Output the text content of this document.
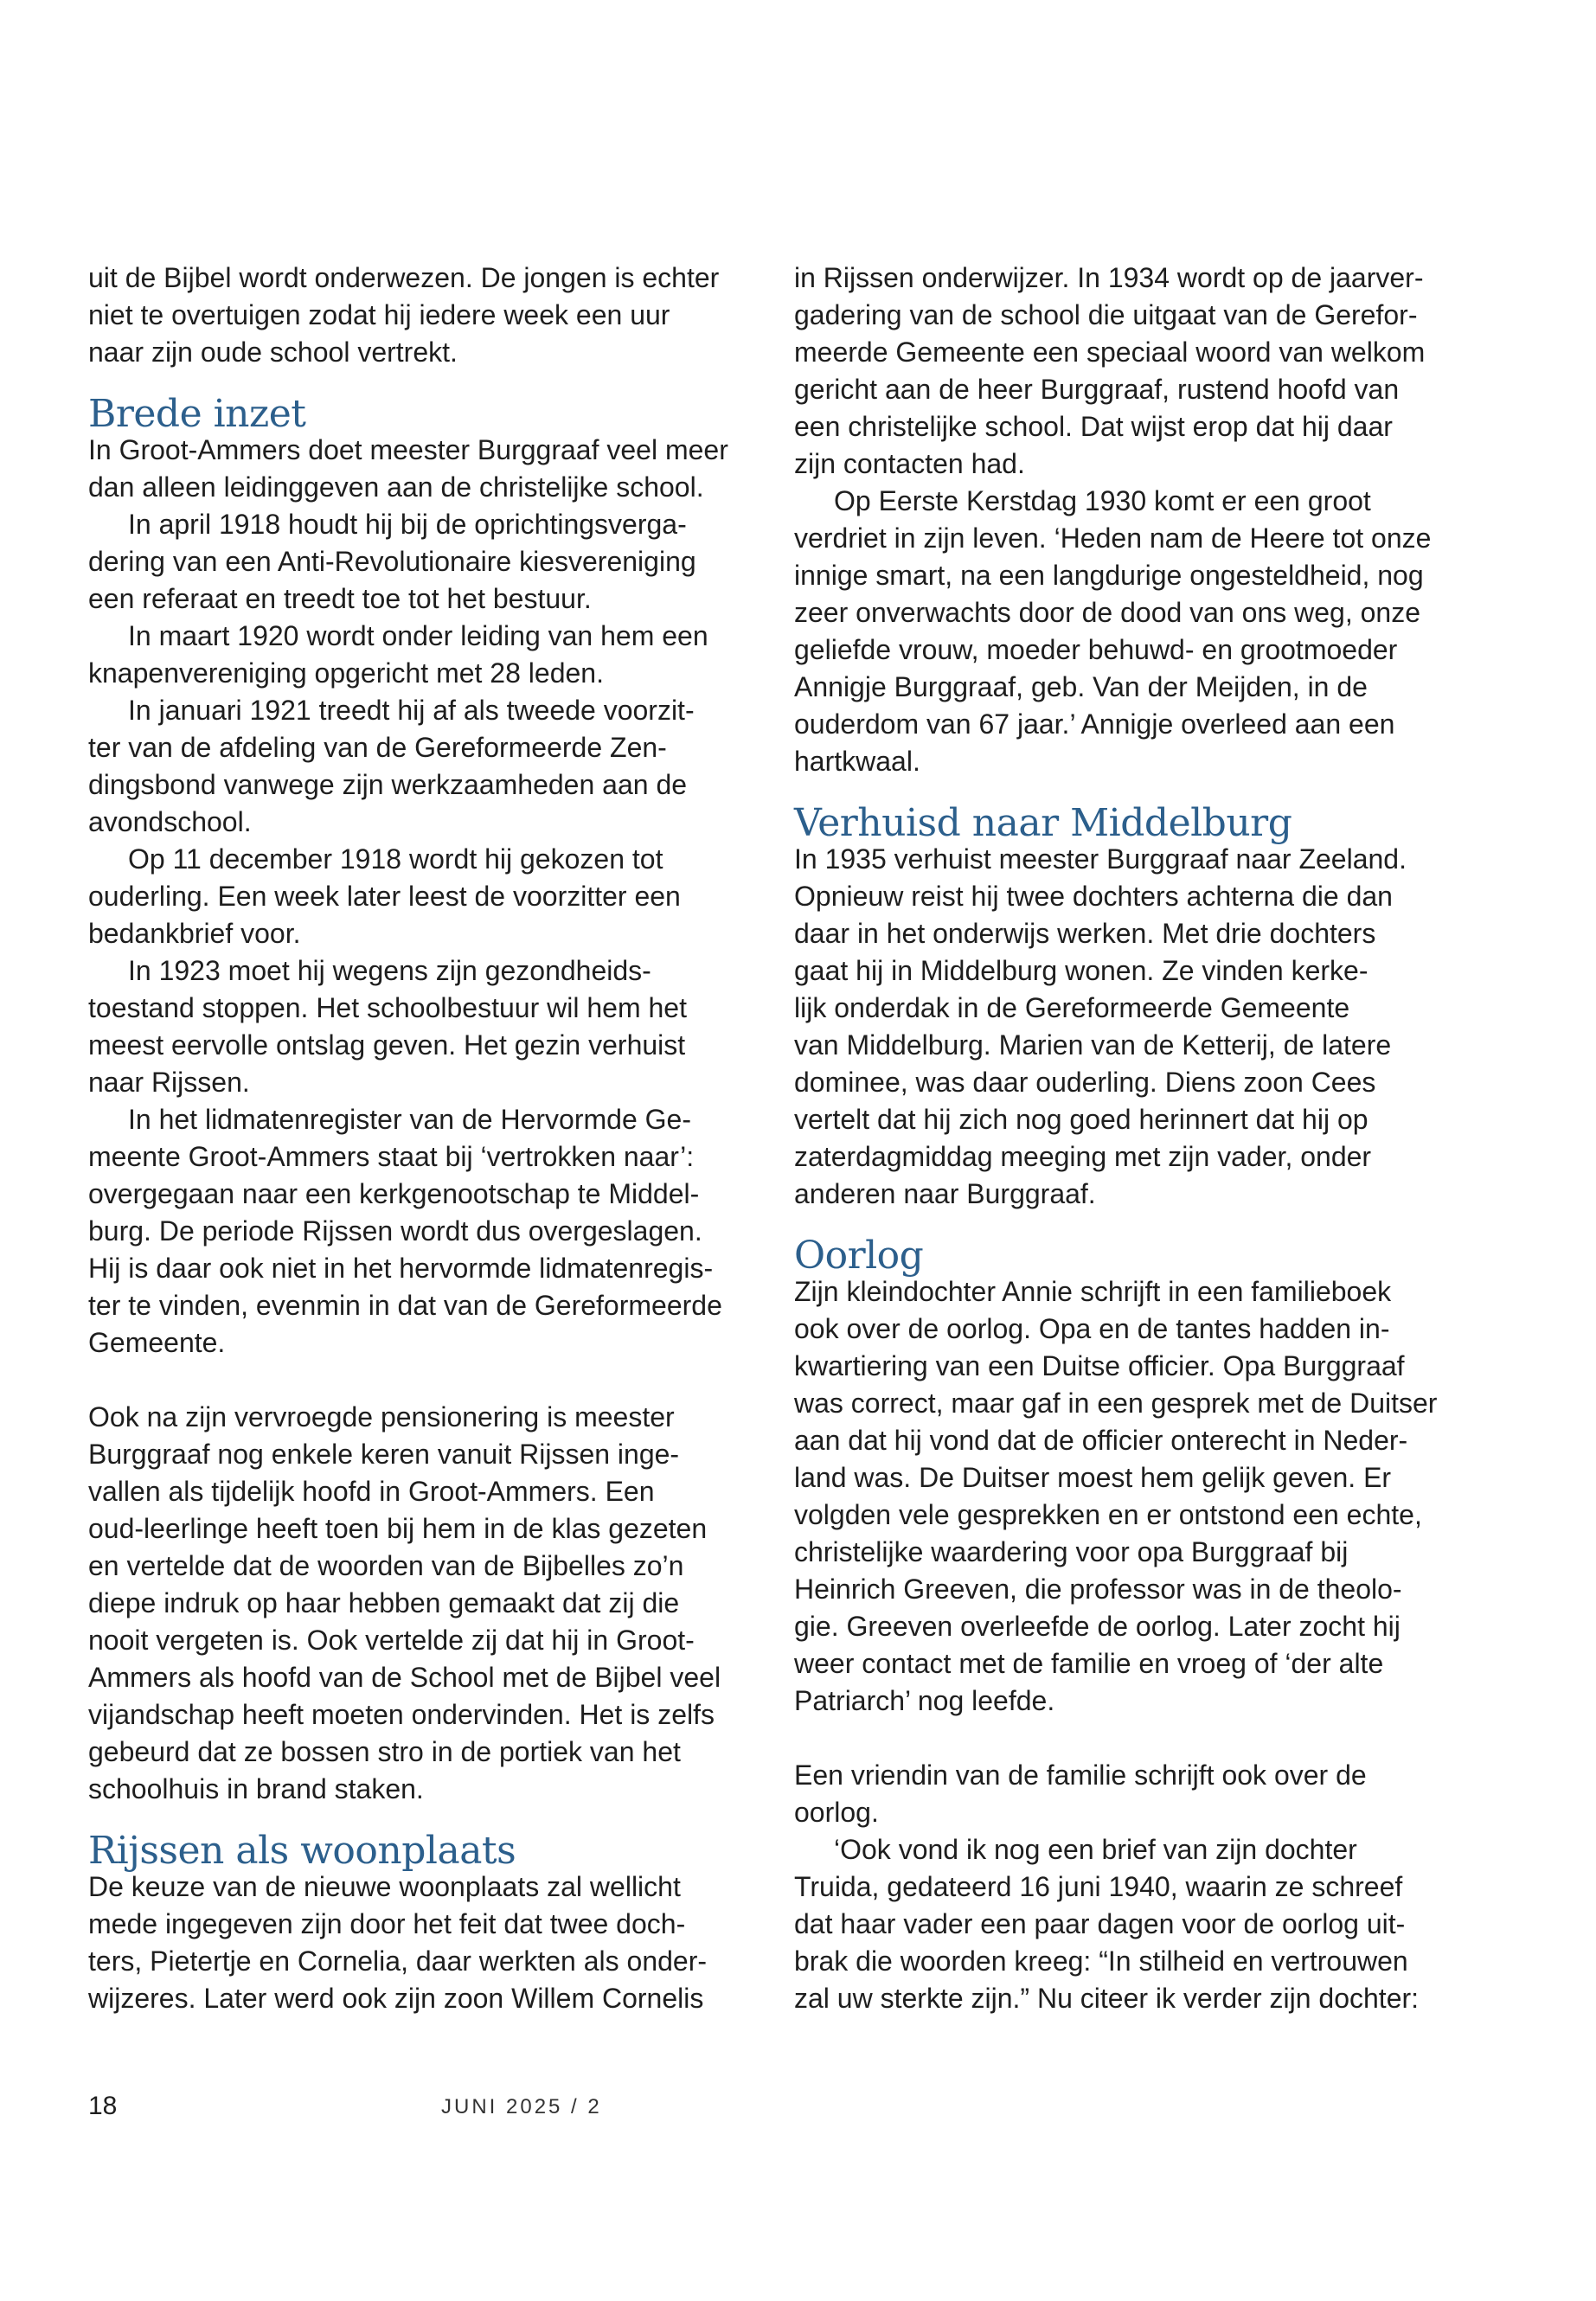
uit de Bijbel wordt onderwezen. De jongen is echter
niet te overtuigen zodat hij iedere week een uur
naar zijn oude school vertrekt.
Brede inzet
In Groot-Ammers doet meester Burggraaf veel meer
dan alleen leidinggeven aan de christelijke school.
In april 1918 houdt hij bij de oprichtingsverga-
dering van een Anti-Revolutionaire kiesvereniging
een referaat en treedt toe tot het bestuur.
In maart 1920 wordt onder leiding van hem een
knapenvereniging opgericht met 28 leden.
In januari 1921 treedt hij af als tweede voorzit-
ter van de afdeling van de Gereformeerde Zen-
dingsbond vanwege zijn werkzaamheden aan de
avondschool.
Op 11 december 1918 wordt hij gekozen tot
ouderling. Een week later leest de voorzitter een
bedankbrief voor.
In 1923 moet hij wegens zijn gezondheids-
toestand stoppen. Het schoolbestuur wil hem het
meest eervolle ontslag geven. Het gezin verhuist
naar Rijssen.
In het lidmatenregister van de Hervormde Ge-
meente Groot-Ammers staat bij ‘vertrokken naar’:
overgegaan naar een kerkgenootschap te Middel-
burg. De periode Rijssen wordt dus overgeslagen.
Hij is daar ook niet in het hervormde lidmatenregis-
ter te vinden, evenmin in dat van de Gereformeerde
Gemeente.
Ook na zijn vervroegde pensionering is meester
Burggraaf nog enkele keren vanuit Rijssen inge-
vallen als tijdelijk hoofd in Groot-Ammers. Een
oud-leerlinge heeft toen bij hem in de klas gezeten
en vertelde dat de woorden van de Bijbelles zo’n
diepe indruk op haar hebben gemaakt dat zij die
nooit vergeten is. Ook vertelde zij dat hij in Groot-
Ammers als hoofd van de School met de Bijbel veel
vijandschap heeft moeten ondervinden. Het is zelfs
gebeurd dat ze bossen stro in de portiek van het
schoolhuis in brand staken.
Rijssen als woonplaats
De keuze van de nieuwe woonplaats zal wellicht
mede ingegeven zijn door het feit dat twee doch-
ters, Pietertje en Cornelia, daar werkten als onder-
wijzeres. Later werd ook zijn zoon Willem Cornelis
in Rijssen onderwijzer. In 1934 wordt op de jaarver-
gadering van de school die uitgaat van de Gerefor-
meerde Gemeente een speciaal woord van welkom
gericht aan de heer Burggraaf, rustend hoofd van
een christelijke school. Dat wijst erop dat hij daar
zijn contacten had.
Op Eerste Kerstdag 1930 komt er een groot
verdriet in zijn leven. ‘Heden nam de Heere tot onze
innige smart, na een langdurige ongesteldheid, nog
zeer onverwachts door de dood van ons weg, onze
geliefde vrouw, moeder behuwd- en grootmoeder
Annigje Burggraaf, geb. Van der Meijden, in de
ouderdom van 67 jaar.’ Annigje overleed aan een
hartkwaal.
Verhuisd naar Middelburg
In 1935 verhuist meester Burggraaf naar Zeeland.
Opnieuw reist hij twee dochters achterna die dan
daar in het onderwijs werken. Met drie dochters
gaat hij in Middelburg wonen. Ze vinden kerke-
lijk onderdak in de Gereformeerde Gemeente
van Middelburg. Marien van de Ketterij, de latere
dominee, was daar ouderling. Diens zoon Cees
vertelt dat hij zich nog goed herinnert dat hij op
zaterdagmiddag meeging met zijn vader, onder
anderen naar Burggraaf.
Oorlog
Zijn kleindochter Annie schrijft in een familieboek
ook over de oorlog. Opa en de tantes hadden in-
kwartiering van een Duitse officier. Opa Burggraaf
was correct, maar gaf in een gesprek met de Duitser
aan dat hij vond dat de officier onterecht in Neder-
land was. De Duitser moest hem gelijk geven. Er
volgden vele gesprekken en er ontstond een echte,
christelijke waardering voor opa Burggraaf bij
Heinrich Greeven, die professor was in de theolo-
gie. Greeven overleefde de oorlog. Later zocht hij
weer contact met de familie en vroeg of ‘der alte
Patriarch’ nog leefde.
Een vriendin van de familie schrijft ook over de
oorlog.
‘Ook vond ik nog een brief van zijn dochter
Truida, gedateerd 16 juni 1940, waarin ze schreef
dat haar vader een paar dagen voor de oorlog uit-
brak die woorden kreeg: “In stilheid en vertrouwen
zal uw sterkte zijn.” Nu citeer ik verder zijn dochter:
18	JUNI 2025 / 2
